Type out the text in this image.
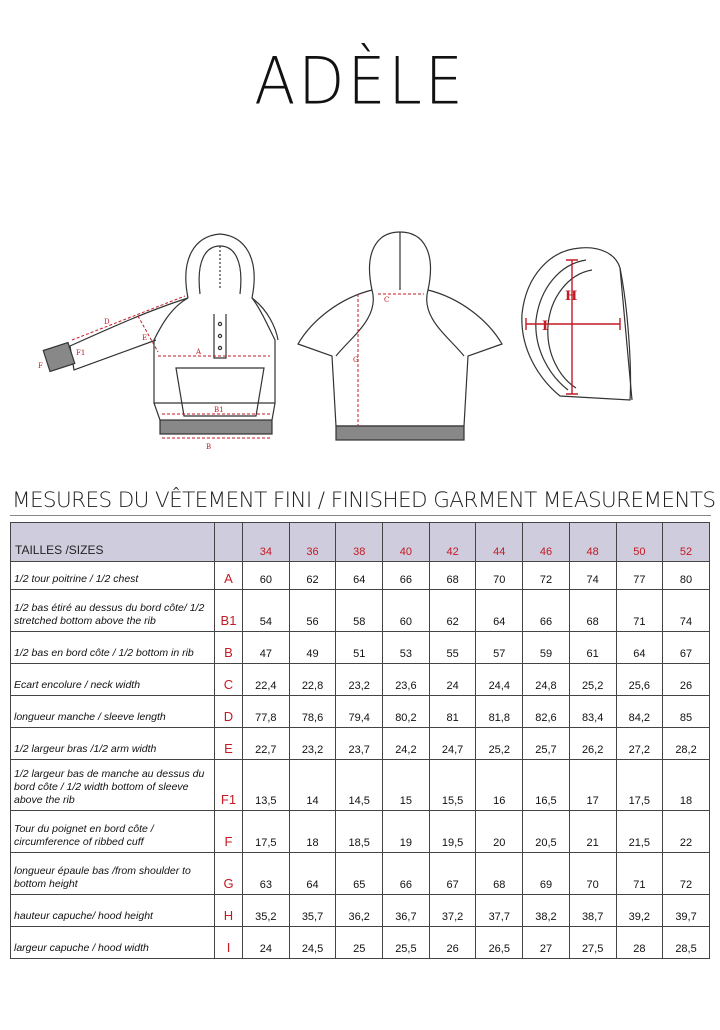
ADÈLE
D
E
A
F1
F
B1
B
C
G
H
I
MESURES DU VÊTEMENT FINI / FINISHED GARMENT MEASUREMENTS
TAILLES /SIZES		34	36	38	40	42	44	46	48	50	52
1/2 tour poitrine / 1/2 chest	A	60	62	64	66	68	70	72	74	77	80
1/2 bas étiré au dessus du bord côte/ 1/2 stretched bottom above the rib	B1	54	56	58	60	62	64	66	68	71	74
1/2 bas en bord côte / 1/2 bottom in rib	B	47	49	51	53	55	57	59	61	64	67
Ecart encolure / neck width	C	22,4	22,8	23,2	23,6	24	24,4	24,8	25,2	25,6	26
longueur manche / sleeve length	D	77,8	78,6	79,4	80,2	81	81,8	82,6	83,4	84,2	85
1/2 largeur bras /1/2 arm width	E	22,7	23,2	23,7	24,2	24,7	25,2	25,7	26,2	27,2	28,2
1/2 largeur bas de manche au dessus du bord côte / 1/2 width bottom of sleeve above the rib	F1	13,5	14	14,5	15	15,5	16	16,5	17	17,5	18
Tour du poignet en bord côte / circumference of ribbed cuff	F	17,5	18	18,5	19	19,5	20	20,5	21	21,5	22
longueur épaule bas /from shoulder to bottom height	G	63	64	65	66	67	68	69	70	71	72
hauteur capuche/ hood height	H	35,2	35,7	36,2	36,7	37,2	37,7	38,2	38,7	39,2	39,7
largeur capuche / hood width	I	24	24,5	25	25,5	26	26,5	27	27,5	28	28,5
